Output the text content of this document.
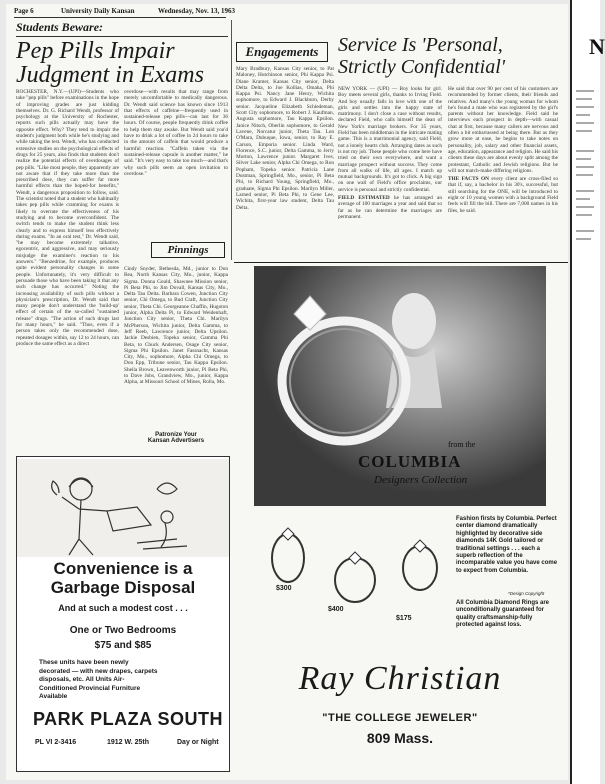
Page 6	University Daily Kansan	Wednesday, Nov. 13, 1963
Students Beware:
Pep Pills Impair
Judgment in Exams
ROCHESTER, N.Y.—(UPI)—Students who take "pep pills" before examinations in the hope of improving grades are just kidding themselves. Dr. G. Richard Wendt, professor of psychology at the University of Rochester, reports such pills actually may have the opposite effect. Why? They tend to impair the student's judgment both while he's studying and while taking the test. Wendt, who has conducted extensive studies on the psychological effects of drugs for 25 years, also finds that students don't realize the potential effects of overdosages of pep pills. "Like most people, they apparently are not aware that if they take more than the prescribed dose, they can suffer far more harmful effects than the hoped-for benefits," Wendt, a dangerous proposition to follow, said. The scientist noted that a student who habitually takes pep pills while cramming for exams is likely to overrate the effectiveness of his studying and to become overconfident. The switch tends to make the student think less clearly and to express himself less effectively during exams. "In an oral test," Dr. Wendt said, "he may become extremely talkative, egocentric, and aggressive, and may seriously misjudge the examiner's reaction to his answers." "Benzedrine, for example, produces quite evident personality changes in some people. Unfortunately, it's very difficult to persuade those who have been taking it that any such change has occurred." Noting the increasing availability of such pills without a physician's prescription, Dr. Wendt said that many people don't understand the 'build-up' effect of certain of the so-called "sustained release" drugs. "The action of such drugs last for many hours," he said. "Thus, even if a person takes only the recommended dose, repeated dosages within, say 12 to 24 hours, can produce the same effect as a direct
overdose—with results that may range from merely uncomfortable to medically dangerous. Dr. Wendt said science has known since 1913 that effects of caffeine—frequently used in sustained-release pep pills—can last for 36 hours. Of course, people frequently drink coffee to help them stay awake. But Wendt said you'd have to drink a lot of coffee in 24 hours to take in the amount of caffein that would produce a harmful reaction. "Caffein taken via the sustained-release capsule is another matter," he said. "It's very easy to take too much—and that's why such pills seem an open invitation to overdose."
Pinnings
Cindy Snyder, Bethesda, Md., junior to Don Bea, North Kansas City, Mo., junior, Kappa Sigma. Donna Gould, Shawnee Mission senior, Pi Beta Phi, to Jim Dovall, Kansas City, Mo., Delta Tau Delta. Barbara Cowen, Junction City senior, Chi Omega, to Bud Craft, Junction City senior, Theta Chi. Georgeanne Chaffin, Hugoton junior, Alpha Delta Pi, to Edward Weidenhaft, Junction City senior, Theta Chi. Marilyn McPherson, Wichita junior, Delta Gamma, to Jeff Reeb, Lawrence junior, Delta Upsilon. Jackie Desbien, Topeka senior, Gamma Phi Beta, to Chuck Andersen, Osage City senior, Sigma Phi Epsilon. Janet Fassnacht, Kansas City, Mo., sophomore, Alpha Chi Omega, to Don Epp, Tribune senior, Tau Kappa Epsilon. Sheila Brown, Leavenworth junior, Pi Beta Phi, to Dave Jobs, Grandview, Mo., junior, Kappa Alpha, at Missouri School of Mines, Rolla, Mo.
Patronize Your
Kansan Advertisers
Engagements
Mary Bradbury, Kansas City senior, to Pat Maloney, Hutchinson senior, Phi Kappa Psi. Diane Kramer, Kansas City senior, Delta Delta Delta, to Joe Kollias, Omaha, Phi Kappa Psi. Nancy Jane Henry, Wichita sophomore, to Edward J. Blackburn, Derby senior. Jacqueline Elizabeth Schiedeman, Scott City sophomore, to Robert J. Kaufman, Augusta sophomore, Tau Kappa Epsilon. Janice Nitsch, Oberlin sophomore, to Gerald Lavene, Norcatur junior, Theta Tau. Lon O'Mara, Dubuque, Iowa, senior, to Ray E. Carson, Emporia senior. Linda Ward, Florence, S.C. junior, Delta Gamma, to Jerry Morton, Lawrence junior. Margaret Ives, Silver Lake senior, Alpha Chi Omega, to Ron Popham, Topeka senior. Patricia Lane Dustman, Springfield, Mo., senior, Pi Beta Phi, to Richard Young, Springfield, Mo., graduate, Sigma Phi Epsilon. Marilyn Miller, Larned senior, Pi Beta Phi, to Gene Lee, Wichita, first-year law student, Delta Tau Delta.
Service Is 'Personal,
Strictly Confidential'
NEW YORK — (UPI) — Boy looks for girl. Boy meets several girls, thanks to Irving Field. And boy usually falls in love with one of the girls and settles into the happy state of matrimony. I don't close a case without results, declared Field, who calls himself the dean of New York's marriage brokers. For 35 years, Field has been middleman in the intricate mating game. This is a matrimonial agency, said Field, not a lonely hearts club. Arranging dates as such is not my job. These people who come here have tried on their own everywhere, and want a marriage prospect without success. They come from all walks of life, all ages. I match up mutual backgrounds. It's got to click. A big sign on one wall of Field's office proclaims, our service is personal and strictly confidential.
FIELD ESTIMATED he has arranged an average of 100 marriages a year and said that so far as he can determine the marriages are permanent.
He said that over 90 per cent of his customers are recommended by former clients, their friends and relatives. And many's the young woman for whom he's found a mate who was registered by the girl's parents without her knowledge. Field said he interviews each prospect in depth—with casual chat at first, because many callers are nervous and often a bit embarrassed at being there. But as they grow more at ease, he begins to take notes on personality, job, salary and other financial assets, age, education, appearance and religion. He said his clients these days are about evenly split among the protestant, Catholic and Jewish religions. But he will not match-make differing religions.
THE FACTS ON every client are cross-filed so that if, say, a bachelor in his 30's, successful, but still searching for the ONE, will be introduced to eight or 10 young women with a background Field feels will fill the bill. There are 7,000 names in his files, he said.
Convenience is a Garbage Disposal
And at such a modest cost . . .
One or Two Bedrooms
$75 and $85
These units have been newly decorated — with new drapes, carpets disposals, etc. All Units Air-Conditioned Provincial Furniture Available
PARK PLAZA SOUTH
PL VI 2-3416	1912 W. 25th	Day or Night
from the
COLUMBIA
Designers Collection
$300
$400
$175
Fashion firsts by Columbia. Perfect center diamond dramatically highlighted by decorative side diamonds 14K Gold tailored or traditional settings . . . each a superb reflection of the incomparable value you have come to expect from Columbia.
*Design Copyright
All Columbia Diamond Rings are unconditionally guaranteed for quality craftsmanship-fully protected against loss.
Ray Christian
"THE COLLEGE JEWELER"
809 Mass.
N
